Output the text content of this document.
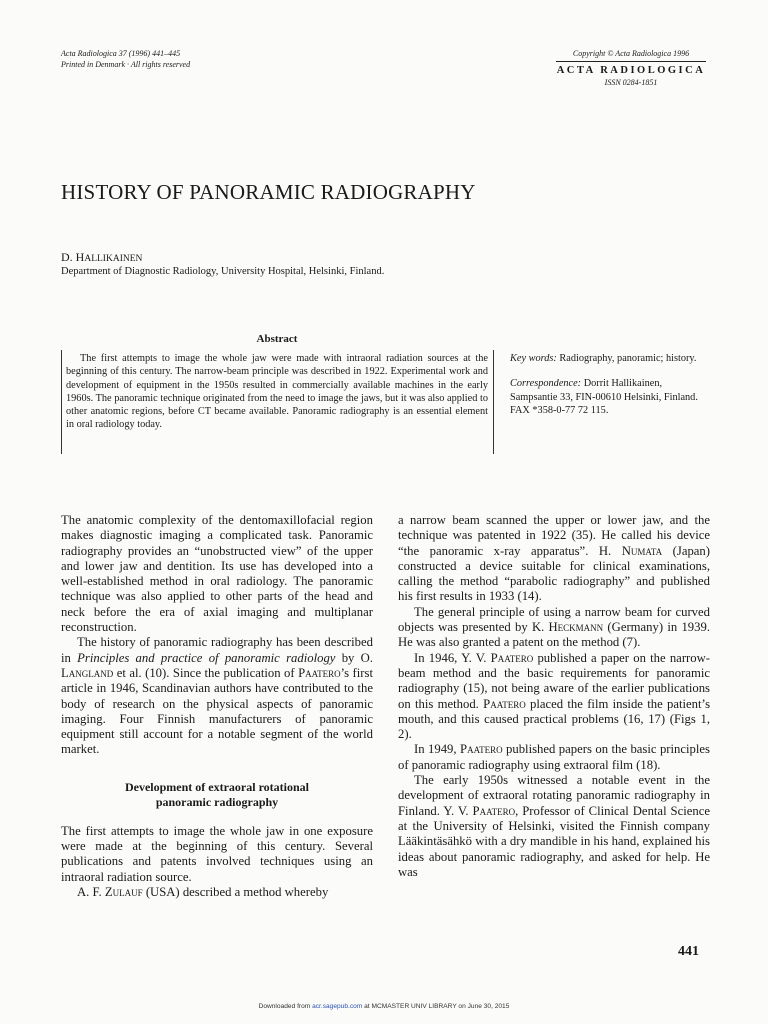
Acta Radiologica 37 (1996) 441–445
Printed in Denmark · All rights reserved
Copyright © Acta Radiologica 1996
ACTA RADIOLOGICA
ISSN 0284-1851
HISTORY OF PANORAMIC RADIOGRAPHY
D. HALLIKAINEN
Department of Diagnostic Radiology, University Hospital, Helsinki, Finland.
Abstract
The first attempts to image the whole jaw were made with intraoral radiation sources at the beginning of this century. The narrow-beam principle was described in 1922. Experimental work and development of equipment in the 1950s resulted in commercially available machines in the early 1960s. The panoramic technique originated from the need to image the jaws, but it was also applied to other anatomic regions, before CT became available. Panoramic radiography is an essential element in oral radiology today.

Key words: Radiography, panoramic; history.

Correspondence: Dorrit Hallikainen, Sampsantie 33, FIN-00610 Helsinki, Finland. FAX *358-0-77 72 115.

The anatomic complexity of the dentomaxillofacial region makes diagnostic imaging a complicated task. Panoramic radiography provides an “unobstructed view” of the upper and lower jaw and dentition. Its use has developed into a well-established method in oral radiology. The panoramic technique was also applied to other parts of the head and neck before the era of axial imaging and multiplanar reconstruction.

The history of panoramic radiography has been described in Principles and practice of panoramic radiology by O. Langland et al. (10). Since the publication of Paatero’s first article in 1946, Scandinavian authors have contributed to the body of research on the physical aspects of panoramic imaging. Four Finnish manufacturers of panoramic equipment still account for a notable segment of the world market.

Development of extraoral rotational
panoramic radiography

The first attempts to image the whole jaw in one exposure were made at the beginning of this century. Several publications and patents involved techniques using an intraoral radiation source.

A. F. Zulauf (USA) described a method whereby

a narrow beam scanned the upper or lower jaw, and the technique was patented in 1922 (35). He called his device “the panoramic x-ray apparatus”. H. Numata (Japan) constructed a device suitable for clinical examinations, calling the method “parabolic radiography” and published his first results in 1933 (14).

The general principle of using a narrow beam for curved objects was presented by K. Heckmann (Germany) in 1939. He was also granted a patent on the method (7).

In 1946, Y. V. Paatero published a paper on the narrow-beam method and the basic requirements for panoramic radiography (15), not being aware of the earlier publications on this method. Paatero placed the film inside the patient’s mouth, and this caused practical problems (16, 17) (Figs 1, 2).

In 1949, Paatero published papers on the basic principles of panoramic radiography using extraoral film (18).

The early 1950s witnessed a notable event in the development of extraoral rotating panoramic radiography in Finland. Y. V. Paatero, Professor of Clinical Dental Science at the University of Helsinki, visited the Finnish company Lääkintäsähkö with a dry mandible in his hand, explained his ideas about panoramic radiography, and asked for help. He was

441
Downloaded from acr.sagepub.com at MCMASTER UNIV LIBRARY on June 30, 2015
